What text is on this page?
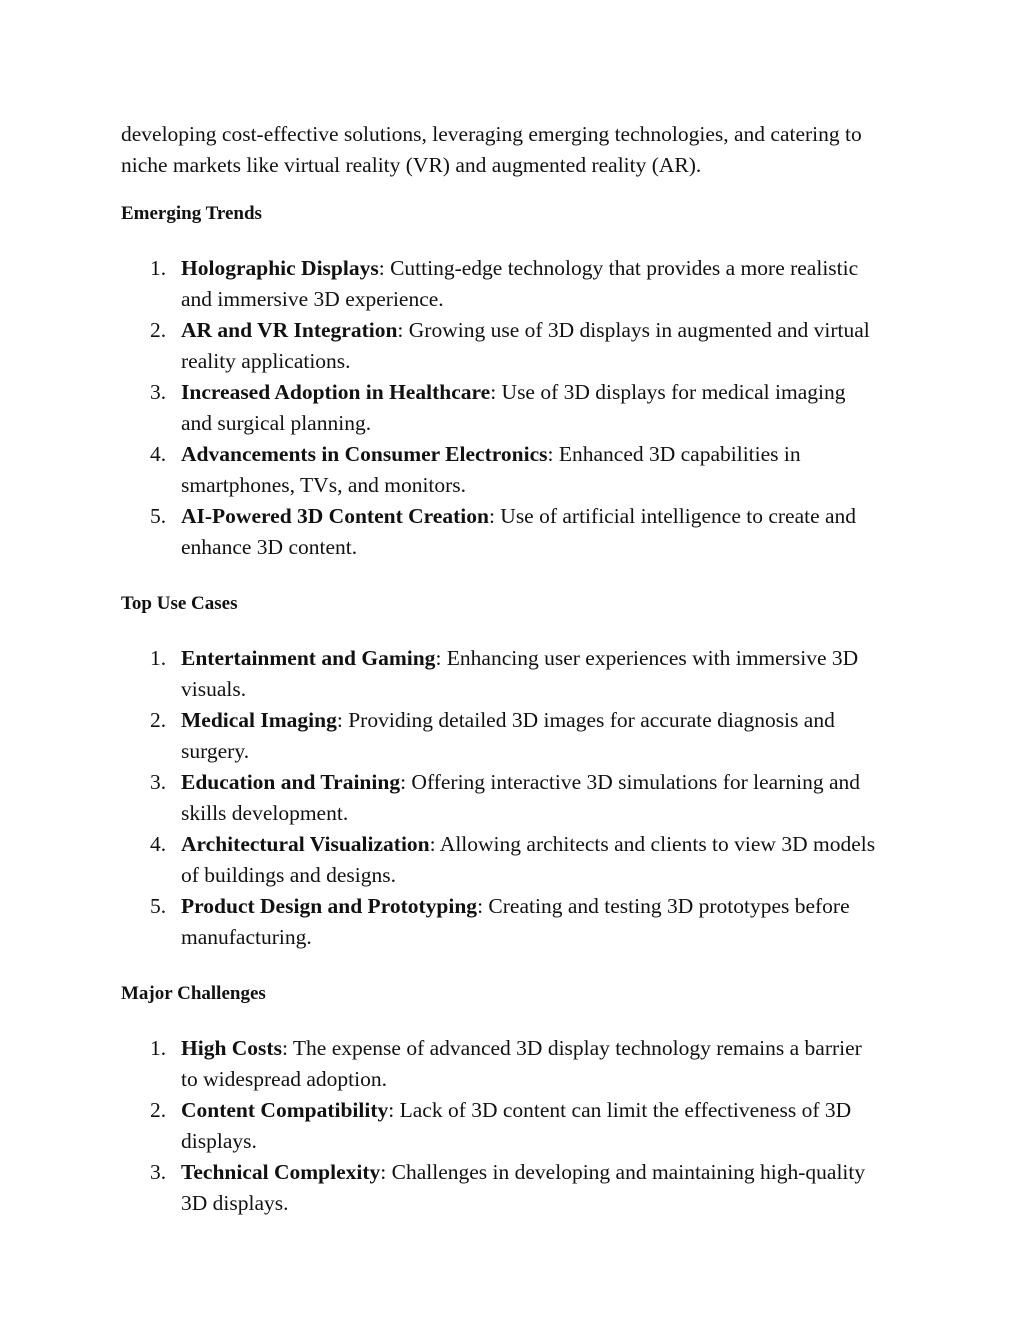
developing cost-effective solutions, leveraging emerging technologies, and catering to niche markets like virtual reality (VR) and augmented reality (AR).

Emerging Trends
1. Holographic Displays: Cutting-edge technology that provides a more realistic and immersive 3D experience.
2. AR and VR Integration: Growing use of 3D displays in augmented and virtual reality applications.
3. Increased Adoption in Healthcare: Use of 3D displays for medical imaging and surgical planning.
4. Advancements in Consumer Electronics: Enhanced 3D capabilities in smartphones, TVs, and monitors.
5. AI-Powered 3D Content Creation: Use of artificial intelligence to create and enhance 3D content.
Top Use Cases
1. Entertainment and Gaming: Enhancing user experiences with immersive 3D visuals.
2. Medical Imaging: Providing detailed 3D images for accurate diagnosis and surgery.
3. Education and Training: Offering interactive 3D simulations for learning and skills development.
4. Architectural Visualization: Allowing architects and clients to view 3D models of buildings and designs.
5. Product Design and Prototyping: Creating and testing 3D prototypes before manufacturing.
Major Challenges
1. High Costs: The expense of advanced 3D display technology remains a barrier to widespread adoption.
2. Content Compatibility: Lack of 3D content can limit the effectiveness of 3D displays.
3. Technical Complexity: Challenges in developing and maintaining high-quality 3D displays.
